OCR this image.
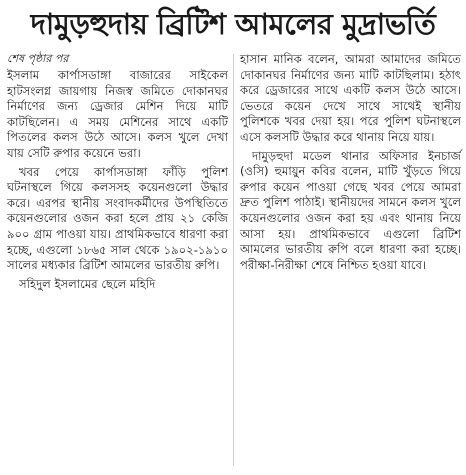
দামুড়হুদায় ব্রিটিশ আমলের মুদ্রাভর্তি
শেষ পৃষ্ঠার পর

ইসলাম কার্পাসডাঙ্গা বাজারের সাইকেল হাটসংলগ্ন জায়গায় নিজস্ব জমিতে দোকানঘর নির্মাণের জন্য ড্রেজার মেশিন দিয়ে মাটি কাটছিলেন। এ সময় মেশিনের সাথে একটি পিতলের কলস উঠে আসে। কলস খুলে দেখা যায় সেটি রুপার কয়েনে ভরা।

খবর পেয়ে কার্পাসডাঙ্গা ফাঁড়ি পুলিশ ঘটনাস্থলে গিয়ে কলসসহ কয়েনগুলো উদ্ধার করে। এরপর স্থানীয় সংবাদকর্মীদের উপস্থিতিতে কয়েনগুলোর ওজন করা হলে প্রায় ২১ কেজি ৯০০ গ্রাম পাওয়া যায়। প্রাথমিকভাবে ধারণা করা হচ্ছে, এগুলো ১৮৬৫ সাল থেকে ১৯০২-১৯১০ সালের মধ্যকার ব্রিটিশ আমলের ভারতীয় রুপি।

সহিদুল ইসলামের ছেলে মহিদি

হাসান মানিক বলেন, আমরা আমাদের জমিতে দোকানঘর নির্মাণের জন্য মাটি কাটছিলাম। হঠাৎ করে ড্রেজারের সাথে একটি কলস উঠে আসে। ভেতরে কয়েন দেখে সাথে সাথেই স্থানীয় পুলিশকে খবর দেয়া হয়। পরে পুলিশ ঘটনাস্থলে এসে কলসটি উদ্ধার করে থানায় নিয়ে যায়।

দামুড়হুদা মডেল থানার অফিসার ইনচার্জ (ওসি) হুমায়ুন কবির বলেন, মাটি খুঁড়তে গিয়ে রুপার কয়েন পাওয়া গেছে খবর পেয়ে আমরা দ্রুত পুলিশ পাঠাই। স্থানীয়দের সামনে কলস খুলে কয়েনগুলোর ওজন করা হয় এবং থানায় নিয়ে আসা হয়। প্রাথমিকভাবে এগুলো ব্রিটিশ আমলের ভারতীয় রুপি বলে ধারণা করা হচ্ছে। পরীক্ষা-নিরীক্ষা শেষে নিশ্চিত হওয়া যাবে।
